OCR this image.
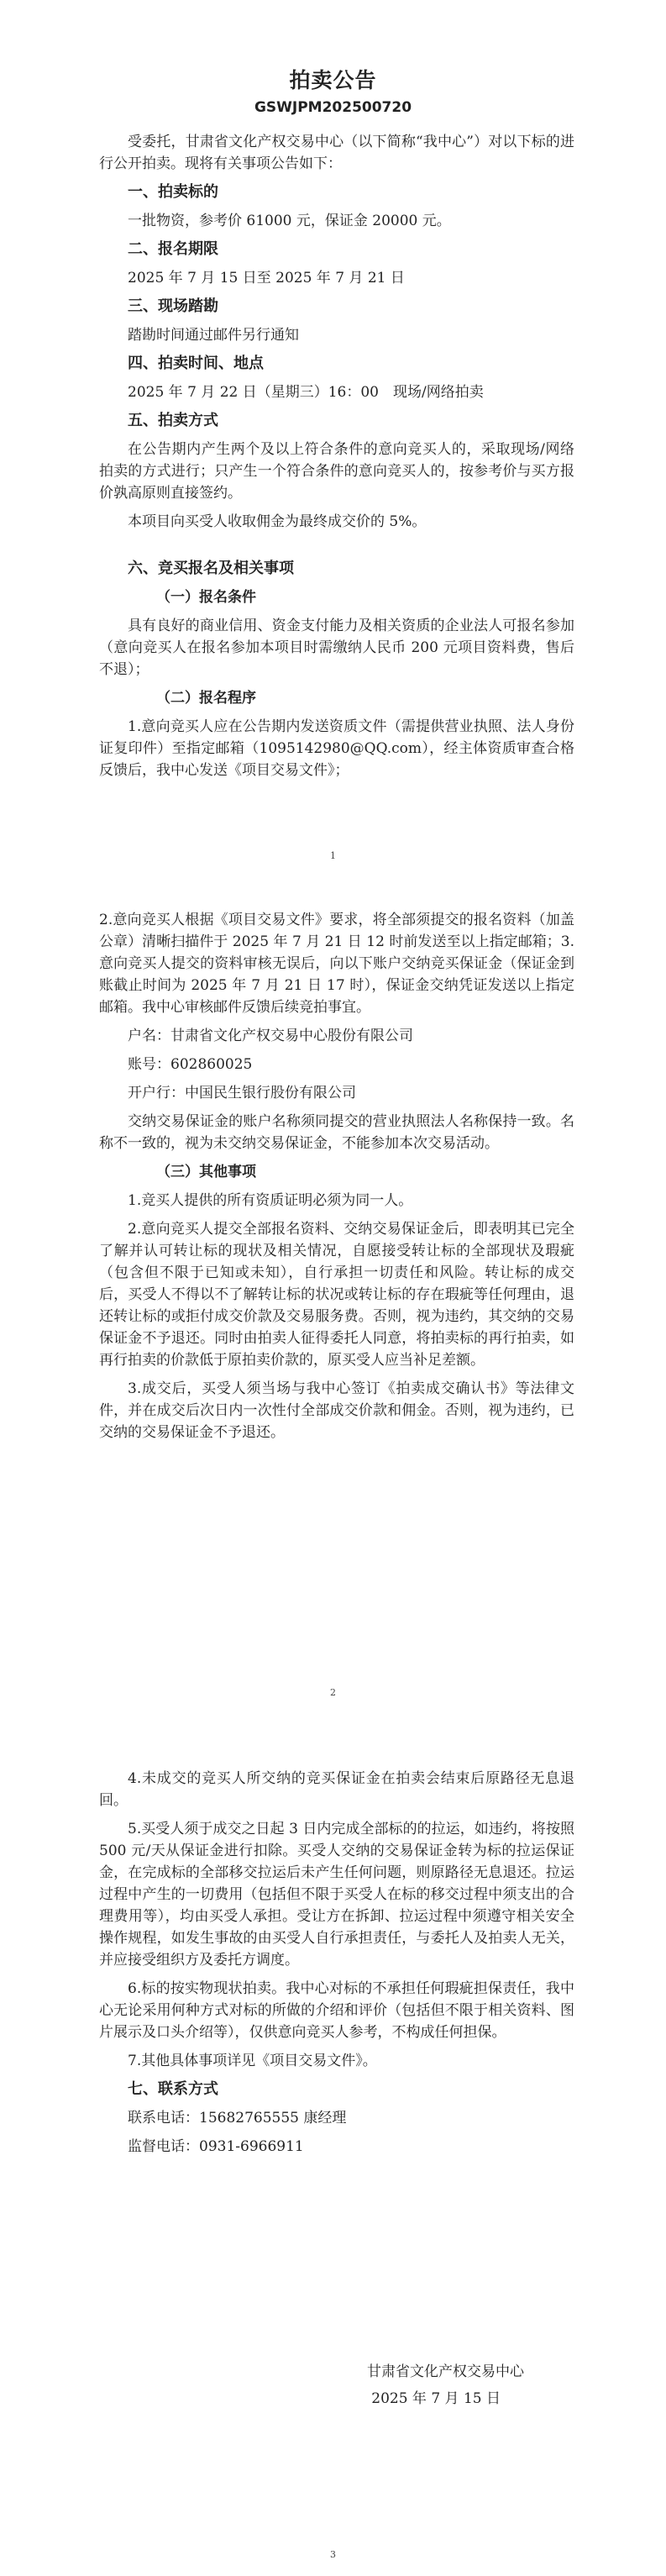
拍卖公告
GSWJPM202500720

受委托，甘肃省文化产权交易中心（以下简称“我中心”）对以下标的进行公开拍卖。现将有关事项公告如下：

一、拍卖标的
一批物资，参考价 61000 元，保证金 20000 元。
二、报名期限
2025 年 7 月 15 日至 2025 年 7 月 21 日
三、现场踏勘
踏勘时间通过邮件另行通知
四、拍卖时间、地点
2025 年 7 月 22 日（星期三）16：00　现场/网络拍卖
五、拍卖方式

在公告期内产生两个及以上符合条件的意向竞买人的，采取现场/网络拍卖的方式进行；只产生一个符合条件的意向竞买人的，按参考价与买方报价孰高原则直接签约。

本项目向买受人收取佣金为最终成交价的 5%。

六、竞买报名及相关事项
（一）报名条件

具有良好的商业信用、资金支付能力及相关资质的企业法人可报名参加（意向竞买人在报名参加本项目时需缴纳人民币 200 元项目资料费，售后不退）；

（二）报名程序

1.意向竞买人应在公告期内发送资质文件（需提供营业执照、法人身份证复印件）至指定邮箱（1095142980@QQ.com），经主体资质审查合格反馈后，我中心发送《项目交易文件》；

1

2.意向竞买人根据《项目交易文件》要求，将全部须提交的报名资料（加盖公章）清晰扫描件于 2025 年 7 月 21 日 12 时前发送至以上指定邮箱；3.意向竞买人提交的资料审核无误后，向以下账户交纳竞买保证金（保证金到账截止时间为 2025 年 7 月 21 日 17 时），保证金交纳凭证发送以上指定邮箱。我中心审核邮件反馈后续竞拍事宜。

户名：甘肃省文化产权交易中心股份有限公司
账号：602860025
开户行：中国民生银行股份有限公司

交纳交易保证金的账户名称须同提交的营业执照法人名称保持一致。名称不一致的，视为未交纳交易保证金，不能参加本次交易活动。

（三）其他事项

1.竞买人提供的所有资质证明必须为同一人。

2.意向竞买人提交全部报名资料、交纳交易保证金后，即表明其已完全了解并认可转让标的现状及相关情况，自愿接受转让标的全部现状及瑕疵（包含但不限于已知或未知），自行承担一切责任和风险。转让标的成交后，买受人不得以不了解转让标的状况或转让标的存在瑕疵等任何理由，退还转让标的或拒付成交价款及交易服务费。否则，视为违约，其交纳的交易保证金不予退还。同时由拍卖人征得委托人同意，将拍卖标的再行拍卖，如再行拍卖的价款低于原拍卖价款的，原买受人应当补足差额。

3.成交后，买受人须当场与我中心签订《拍卖成交确认书》等法律文件，并在成交后次日内一次性付全部成交价款和佣金。否则，视为违约，已交纳的交易保证金不予退还。

2

4.未成交的竞买人所交纳的竞买保证金在拍卖会结束后原路径无息退回。

5.买受人须于成交之日起 3 日内完成全部标的的拉运，如违约，将按照 500 元/天从保证金进行扣除。买受人交纳的交易保证金转为标的拉运保证金，在完成标的全部移交拉运后未产生任何问题，则原路径无息退还。拉运过程中产生的一切费用（包括但不限于买受人在标的移交过程中须支出的合理费用等），均由买受人承担。受让方在拆卸、拉运过程中须遵守相关安全操作规程，如发生事故的由买受人自行承担责任，与委托人及拍卖人无关，并应接受组织方及委托方调度。

6.标的按实物现状拍卖。我中心对标的不承担任何瑕疵担保责任，我中心无论采用何种方式对标的所做的介绍和评价（包括但不限于相关资料、图片展示及口头介绍等），仅供意向竞买人参考，不构成任何担保。

7.其他具体事项详见《项目交易文件》。

七、联系方式
联系电话：15682765555 康经理
监督电话：0931-6966911
甘肃省文化产权交易中心
2025 年 7 月 15 日
3
